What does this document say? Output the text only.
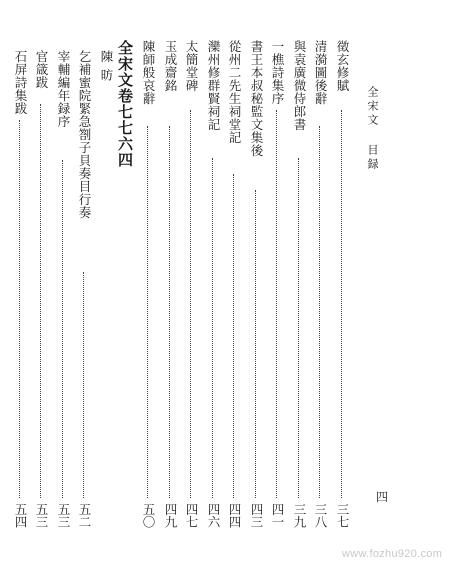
全宋文 目録
徵玄修賦
三七
清漪圖後辭
三八
與袁廣微侍郎書
三九
一樵詩集序
四一
書王本叔秘監文集後
四三
從州二先生祠堂記
四四
灤州修群賢祠記
四六
太簡堂碑
四七
玉成齋銘
四九
陳師般哀辭
五〇
全宋文卷七七六四
陳昉
乞補蜜院緊急劄子貝奏目行奏
五二
宰輔編年録序
五三
官箴跋
五三
石屏詩集跋
五四
四
www.fozhu920.com
